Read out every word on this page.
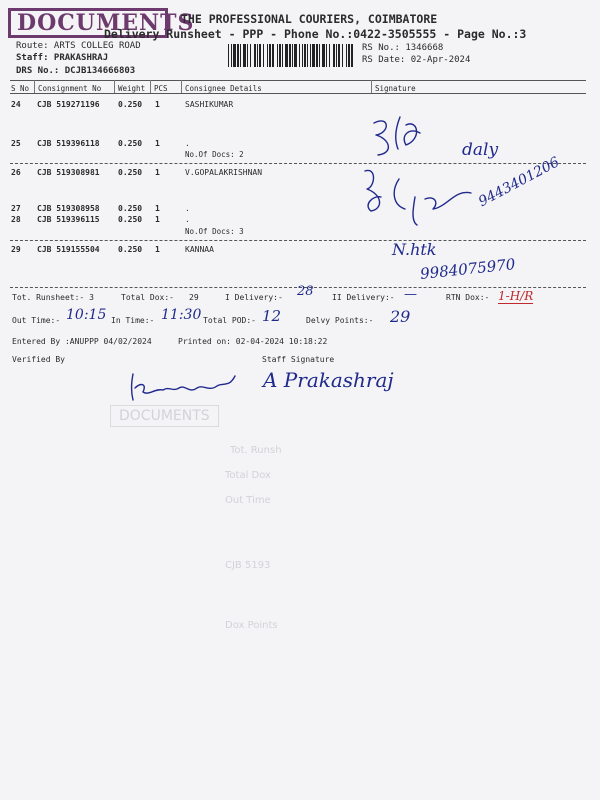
DOCUMENTS
Tot. Runsh
Total Dox
Out Time
CJB 5193
Dox Points
DOCUMENTS
THE PROFESSIONAL COURIERS, COIMBATORE
Delivery Runsheet - PPP - Phone No.:0422-3505555 - Page No.:3
Route: ARTS COLLEG ROAD
Staff: PRAKASHRAJ
DRS No.: DCJB134666803
RS No.: 1346668
RS Date: 02-Apr-2024
S No Consignment No Weight PCS Consignee Details	Signature
24 CJB 519271196 0.250 1	SASHIKUMAR
25 CJB 519396118 0.250 1	.
No.Of Docs: 2
26 CJB 519308981 0.250 1	V.GOPALAKRISHNAN
27 CJB 519308958 0.250 1	.
28 CJB 519396115 0.250 1	.
No.Of Docs: 3
29 CJB 519155504 0.250 1	KANNAA
daly
9443401206
N.htk
9984075970
Tot. Runsheet:- 3	Total Dox:- 29	I Delivery:- 28 II Delivery:- —	RTN Dox:- 1-H/R
Out Time:- 10:15 In Time:- 11:30 Total POD:- 12	Delvy Points:- 29
Entered By :ANUPPP 04/02/2024	Printed on: 02-04-2024 10:18:22
Verified By	Staff Signature
A Prakashraj
